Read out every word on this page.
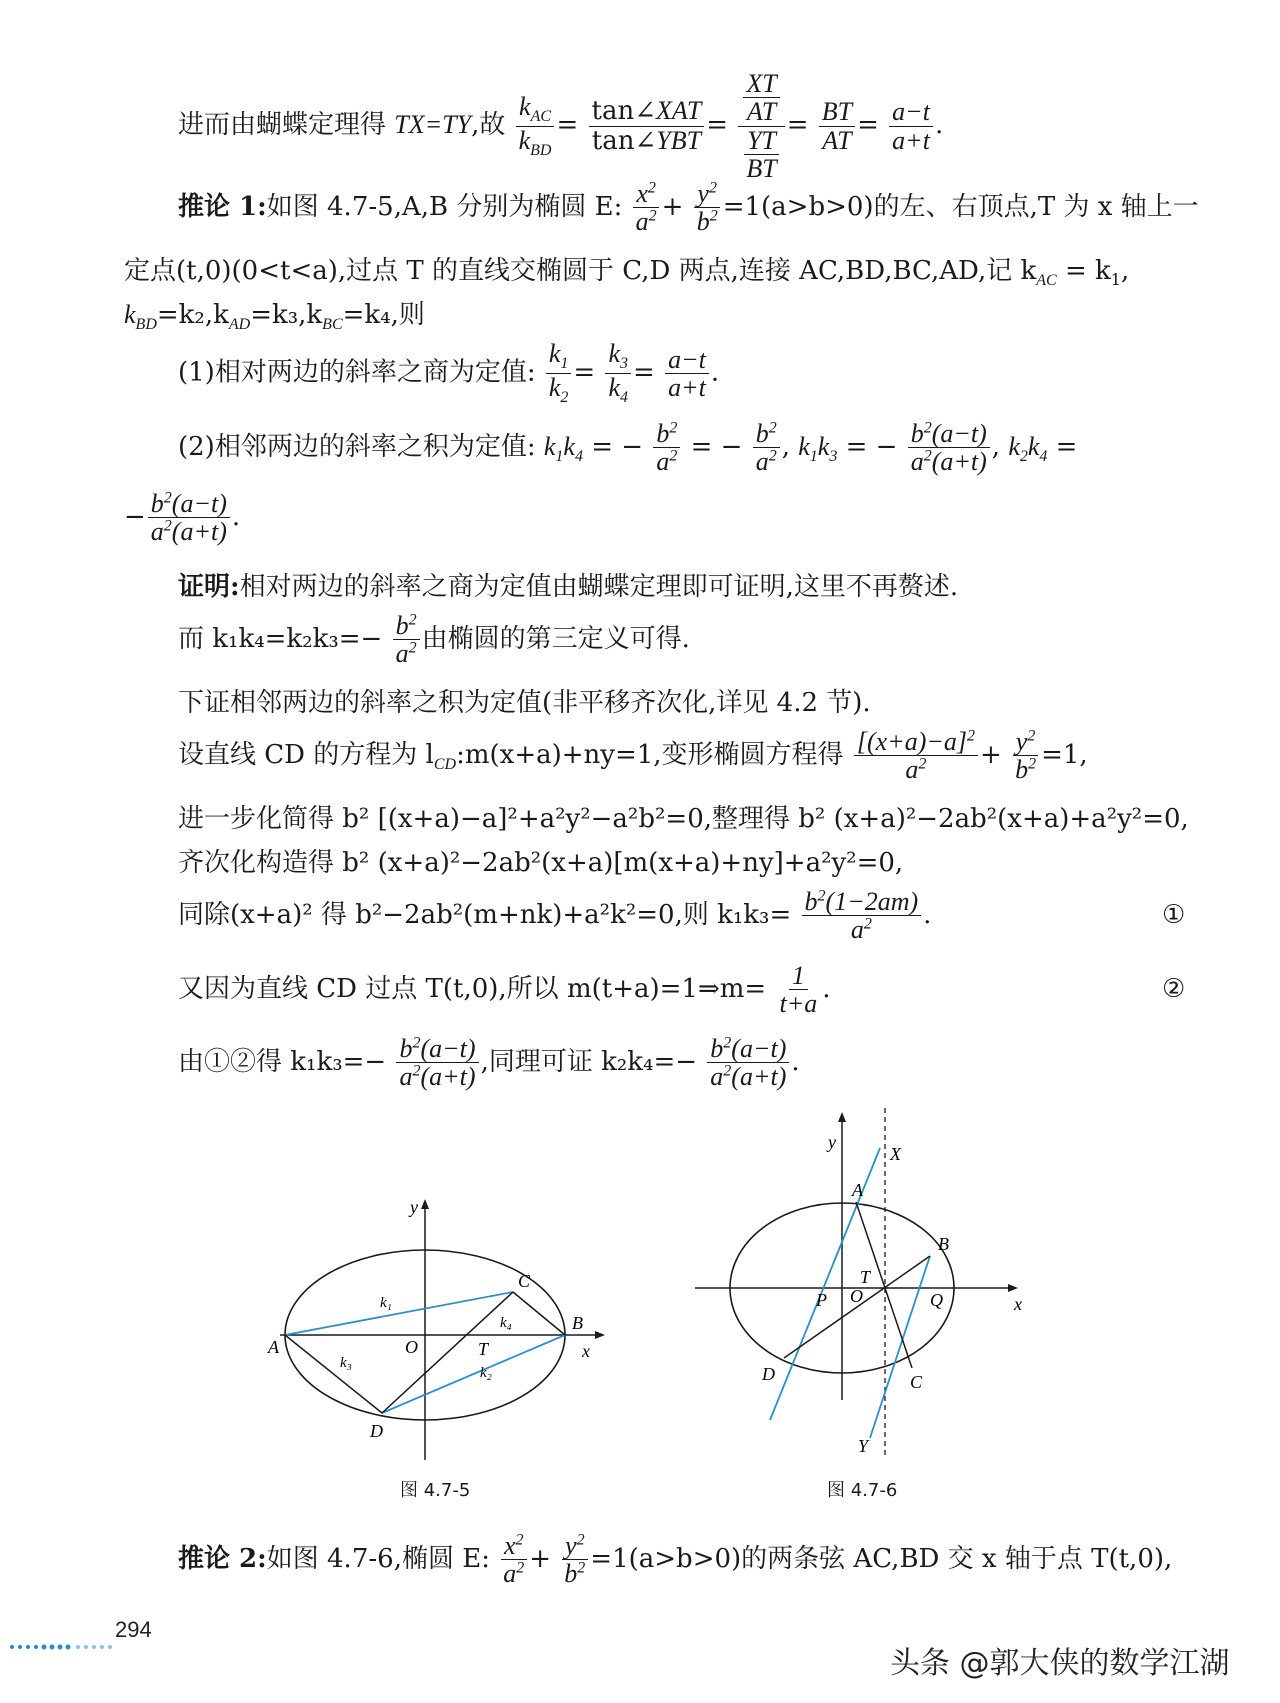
进而由蝴蝶定理得 TX=TY,故 $\frac{k_{AC}}{k_{BD}} = \frac{\text{tan∠XAT}}{\text{tan∠YBT}} = \frac{\frac{XT}{AT}}{\frac{YT}{BT}} = \frac{BT}{AT} = \frac{a-t}{a+t}$ .
推论 1:如图 4.7-5,A,B 分别为椭圆 E: $\frac{x^2}{a^2} + \frac{y^2}{b^2} =1(a>b>0)$的左、右顶点,T 为 x 轴上一
定点(t,0)(0<t<a),过点 T 的直线交椭圆于 C,D 两点,连接 AC,BD,BC,AD,记 $k_{AC} = k_1$,
$k_{BD}=k_2,k_{AD}=k_3,k_{BC}=k_4$,则
(1)相对两边的斜率之商为定值: $\frac{k_1}{k_2} = \frac{k_3}{k_4} = \frac{a-t}{a+t}$ .
(2)相邻两边的斜率之积为定值: $k_1k_4$ = − $\frac{b^2}{a^2}$ = − $\frac{b^2}{a^2}$ , $k_1k_3$ = − $\frac{b^2(a-t)}{a^2(a+t)}$ , $k_2k_4$ =
− $\frac{b^2(a-t)}{a^2(a+t)}$ .
证明:相对两边的斜率之商为定值由蝴蝶定理即可证明,这里不再赘述.
而 $k_1k_4=k_2k_3=- \frac{b^2}{a^2}$ 由椭圆的第三定义可得.
下证相邻两边的斜率之积为定值(非平移齐次化,详见 4.2 节).
设直线 CD 的方程为 $l_{CD}:m(x+a)+ny=1$,变形椭圆方程得 $\frac{[(x+a)-a]^2}{a^2} + \frac{y^2}{b^2} =1$,
进一步化简得 b² [(x+a)−a]²+a²y²−a²b²=0,整理得 b² (x+a)²−2ab²(x+a)+a²y²=0,
齐次化构造得 b² (x+a)²−2ab²(x+a)[m(x+a)+ny]+a²y²=0,
同除(x+a)² 得 b²−2ab²(m+nk)+a²k²=0,则 $k_1k_3= \frac{b^2(1-2am)}{a^2}$ .	①
又因为直线 CD 过点 T(t,0),所以 m(t+a)=1⇒m= $\frac{1}{t+a}$ .	②
由①②得 $k_1k_3=- \frac{b^2(a-t)}{a^2(a+t)}$ ,同理可证 $k_2k_4=- \frac{b^2(a-t)}{a^2(a+t)}$ .
y
x
A
B
C
D
O	T
k₁
k₂
k₃
k₄
图 4.7-5
y
X
A
B
T
O
P	Q
C
D
Y
x
图 4.7-6
推论 2:如图 4.7-6,椭圆 E: $\frac{x^2}{a^2} + \frac{y^2}{b^2} =1(a>b>0)$的两条弦 AC,BD 交 x 轴于点 T(t,0),
294
头条 @郭大侠的数学江湖
